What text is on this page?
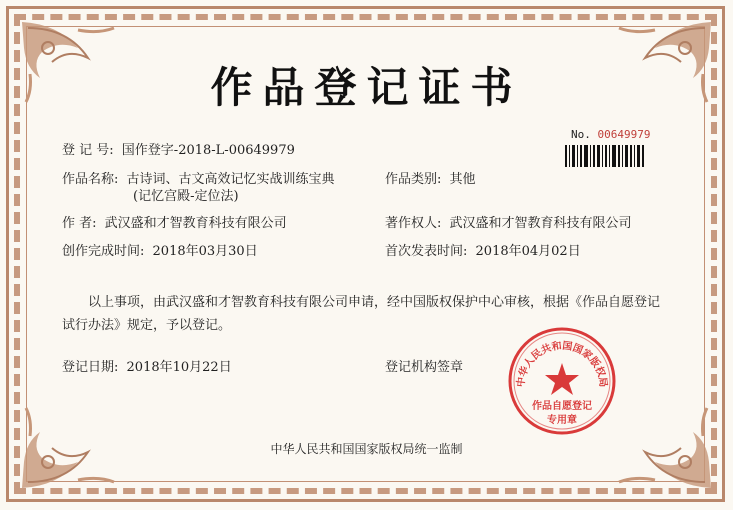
作品登记证书
No. 00649979
登 记 号: 国作登字-2018-L-00649979
作品名称: 古诗词、古文高效记忆实战训练宝典
(记忆宫殿-定位法)
作品类别: 其他
作 者: 武汉盛和才智教育科技有限公司	著作权人: 武汉盛和才智教育科技有限公司
创作完成时间: 2018年03月30日	首次发表时间: 2018年04月02日
以上事项，由武汉盛和才智教育科技有限公司申请，经中国版权保护中心审核，根据《作品自愿登记试行办法》规定，予以登记。
登记日期: 2018年10月22日	登记机构签章
中华人民共和国国家版权局
作品自愿登记
专用章
中华人民共和国国家版权局统一监制
